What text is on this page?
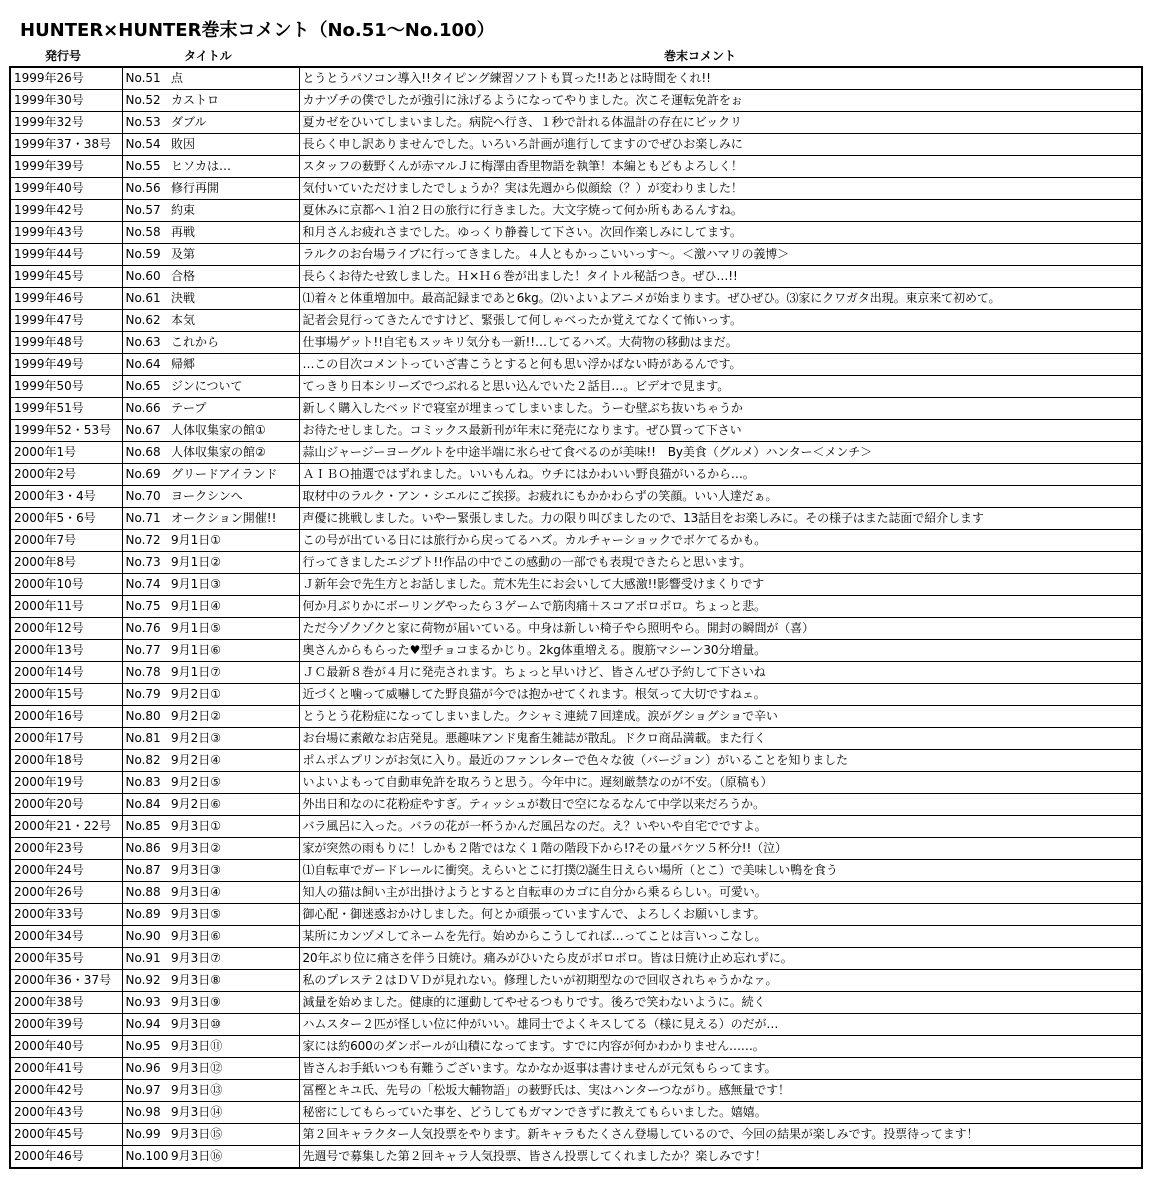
HUNTER×HUNTER巻末コメント（No.51〜No.100）
発行号	タイトル	巻末コメント
1999年26号	No.51	点	とうとうパソコン導入!!タイピング練習ソフトも買った!!あとは時間をくれ!!
1999年30号	No.52	カストロ	カナヅチの僕でしたが強引に泳げるようになってやりました。次こそ運転免許をぉ
1999年32号	No.53	ダブル	夏カゼをひいてしまいました。病院へ行き、１秒で計れる体温計の存在にビックリ
1999年37・38号	No.54	敗因	長らく申し訳ありませんでした。いろいろ計画が進行してますのでぜひお楽しみに
1999年39号	No.55	ヒソカは…	スタッフの薮野くんが赤マルＪに梅澤由香里物語を執筆！本編ともどもよろしく！
1999年40号	No.56	修行再開	気付いていただけましたでしょうか？実は先週から似顔絵（？）が変わりました！
1999年42号	No.57	約束	夏休みに京都へ１泊２日の旅行に行きました。大文字焼って何か所もあるんすね。
1999年43号	No.58	再戦	和月さんお疲れさまでした。ゆっくり静養して下さい。次回作楽しみにしてます。
1999年44号	No.59	及第	ラルクのお台場ライブに行ってきました。４人ともかっこいいっす〜。＜激ハマリの義博＞
1999年45号	No.60	合格	長らくお待たせ致しました。Ｈ×Ｈ６巻が出ました！タイトル秘話つき。ぜひ…!!
1999年46号	No.61	決戦	⑴着々と体重増加中。最高記録まであと6kg。⑵いよいよアニメが始まります。ぜひぜひ。⑶家にクワガタ出現。東京来て初めて。
1999年47号	No.62	本気	記者会見行ってきたんですけど、緊張して何しゃべったか覚えてなくて怖いっす。
1999年48号	No.63	これから	仕事場ゲット!!自宅もスッキリ気分も一新!!…してるハズ。大荷物の移動はまだ。
1999年49号	No.64	帰郷	…この目次コメントっていざ書こうとすると何も思い浮かばない時があるんです。
1999年50号	No.65	ジンについて	てっきり日本シリーズでつぶれると思い込んでいた２話目…。ビデオで見ます。
1999年51号	No.66	テープ	新しく購入したベッドで寝室が埋まってしまいました。うーむ壁ぶち抜いちゃうか
1999年52・53号	No.67	人体収集家の館①	お待たせしました。コミックス最新刊が年末に発売になります。ぜひ買って下さい
2000年1号	No.68	人体収集家の館②	蒜山ジャージーヨーグルトを中途半端に氷らせて食べるのが美味!!　By美食（グルメ）ハンター＜メンチ＞
2000年2号	No.69	グリードアイランド	ＡＩＢＯ抽選ではずれました。いいもんね。ウチにはかわいい野良猫がいるから…。
2000年3・4号	No.70	ヨークシンへ	取材中のラルク・アン・シエルにご挨拶。お疲れにもかかわらずの笑顔。いい人達だぁ。
2000年5・6号	No.71	オークション開催!!	声優に挑戦しました。いやー緊張しました。力の限り叫びましたので、13話目をお楽しみに。その様子はまた誌面で紹介します
2000年7号	No.72	9月1日①	この号が出ている日には旅行から戻ってるハズ。カルチャーショックでボケてるかも。
2000年8号	No.73	9月1日②	行ってきましたエジプト!!作品の中でこの感動の一部でも表現できたらと思います。
2000年10号	No.74	9月1日③	Ｊ新年会で先生方とお話しました。荒木先生にお会いして大感激!!影響受けまくりです
2000年11号	No.75	9月1日④	何か月ぶりかにボーリングやったら３ゲームで筋肉痛＋スコアボロボロ。ちょっと悲。
2000年12号	No.76	9月1日⑤	ただ今ゾクゾクと家に荷物が届いている。中身は新しい椅子やら照明やら。開封の瞬間が（喜）
2000年13号	No.77	9月1日⑥	奥さんからもらった♥型チョコまるかじり。2kg体重増える。腹筋マシーン30分増量。
2000年14号	No.78	9月1日⑦	ＪＣ最新８巻が４月に発売されます。ちょっと早いけど、皆さんぜひ予約して下さいね
2000年15号	No.79	9月2日①	近づくと噛って威嚇してた野良猫が今では抱かせてくれます。根気って大切ですねェ。
2000年16号	No.80	9月2日②	とうとう花粉症になってしまいました。クシャミ連続７回達成。涙がグショグショで辛い
2000年17号	No.81	9月2日③	お台場に素敵なお店発見。悪趣味アンド鬼畜生雑誌が散乱。ドクロ商品満載。また行く
2000年18号	No.82	9月2日④	ポムポムプリンがお気に入り。最近のファンレターで色々な彼（バージョン）がいることを知りました
2000年19号	No.83	9月2日⑤	いよいよもって自動車免許を取ろうと思う。今年中に。遅刻厳禁なのが不安。（原稿も）
2000年20号	No.84	9月2日⑥	外出日和なのに花粉症やすぎ。ティッシュが数日で空になるなんて中学以来だろうか。
2000年21・22号	No.85	9月3日①	バラ風呂に入った。バラの花が一杯うかんだ風呂なのだ。え？いやいや自宅でですよ。
2000年23号	No.86	9月3日②	家が突然の雨もりに！しかも２階ではなく１階の階段下から!?その量バケツ５杯分!!（泣）
2000年24号	No.87	9月3日③	⑴自転車でガードレールに衝突。えらいとこに打撲⑵誕生日えらい場所（とこ）で美味しい鴨を食う
2000年26号	No.88	9月3日④	知人の猫は飼い主が出掛けようとすると自転車のカゴに自分から乗るらしい。可愛い。
2000年33号	No.89	9月3日⑤	御心配・御迷惑おかけしました。何とか頑張っていますんで、よろしくお願いします。
2000年34号	No.90	9月3日⑥	某所にカンヅメしてネームを先行。始めからこうしてれば…ってことは言いっこなし。
2000年35号	No.91	9月3日⑦	20年ぶり位に痛さを伴う日焼け。痛みがひいたら皮がボロボロ。皆は日焼け止め忘れずに。
2000年36・37号	No.92	9月3日⑧	私のプレステ２はＤＶＤが見れない。修理したいが初期型なので回収されちゃうかなァ。
2000年38号	No.93	9月3日⑨	減量を始めました。健康的に運動してやせるつもりです。後ろで笑わないように。続く
2000年39号	No.94	9月3日⑩	ハムスター２匹が怪しい位に仲がいい。雄同士でよくキスしてる（様に見える）のだが…
2000年40号	No.95	9月3日⑪	家には約600のダンボールが山積になってます。すでに内容が何かわかりません……。
2000年41号	No.96	9月3日⑫	皆さんお手紙いつも有難うございます。なかなか返事は書けませんが元気もらってます。
2000年42号	No.97	9月3日⑬	冨樫とキユ氏、先号の「松坂大輔物語」の薮野氏は、実はハンターつながり。感無量です！
2000年43号	No.98	9月3日⑭	秘密にしてもらっていた事を、どうしてもガマンできずに教えてもらいました。嬉嬉。
2000年45号	No.99	9月3日⑮	第２回キャラクター人気投票をやります。新キャラもたくさん登場しているので、今回の結果が楽しみです。投票待ってます！
2000年46号	No.100	9月3日⑯	先週号で募集した第２回キャラ人気投票、皆さん投票してくれましたか？楽しみです！
